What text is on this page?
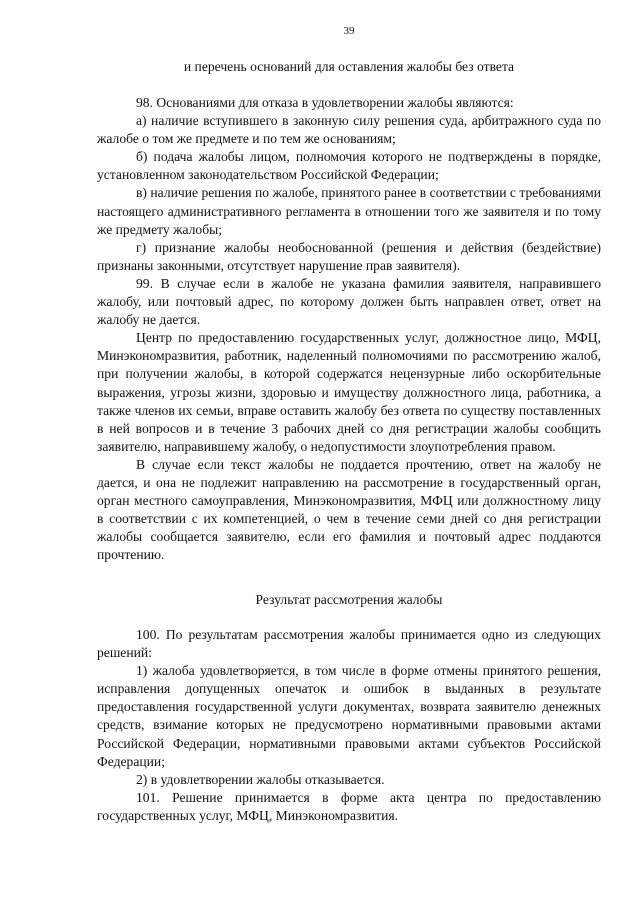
39
и перечень оснований для оставления жалобы без ответа

98. Основаниями для отказа в удовлетворении жалобы являются:

а) наличие вступившего в законную силу решения суда, арбитражного суда по жалобе о том же предмете и по тем же основаниям;

б) подача жалобы лицом, полномочия которого не подтверждены в порядке, установленном законодательством Российской Федерации;

в) наличие решения по жалобе, принятого ранее в соответствии с требованиями настоящего административного регламента в отношении того же заявителя и по тому же предмету жалобы;

г) признание жалобы необоснованной (решения и действия (бездействие) признаны законными, отсутствует нарушение прав заявителя).

99. В случае если в жалобе не указана фамилия заявителя, направившего жалобу, или почтовый адрес, по которому должен быть направлен ответ, ответ на жалобу не дается.

Центр по предоставлению государственных услуг, должностное лицо, МФЦ, Минэкономразвития, работник, наделенный полномочиями по рассмотрению жалоб, при получении жалобы, в которой содержатся нецензурные либо оскорбительные выражения, угрозы жизни, здоровью и имуществу должностного лица, работника, а также членов их семьи, вправе оставить жалобу без ответа по существу поставленных в ней вопросов и в течение 3 рабочих дней со дня регистрации жалобы сообщить заявителю, направившему жалобу, о недопустимости злоупотребления правом.

В случае если текст жалобы не поддается прочтению, ответ на жалобу не дается, и она не подлежит направлению на рассмотрение в государственный орган, орган местного самоуправления, Минэкономразвития, МФЦ или должностному лицу в соответствии с их компетенцией, о чем в течение семи дней со дня регистрации жалобы сообщается заявителю, если его фамилия и почтовый адрес поддаются прочтению.

Результат рассмотрения жалобы

100. По результатам рассмотрения жалобы принимается одно из следующих решений:

1) жалоба удовлетворяется, в том числе в форме отмены принятого решения, исправления допущенных опечаток и ошибок в выданных в результате предоставления государственной услуги документах, возврата заявителю денежных средств, взимание которых не предусмотрено нормативными правовыми актами Российской Федерации, нормативными правовыми актами субъектов Российской Федерации;

2) в удовлетворении жалобы отказывается.

101. Решение принимается в форме акта центра по предоставлению государственных услуг, МФЦ, Минэкономразвития.
